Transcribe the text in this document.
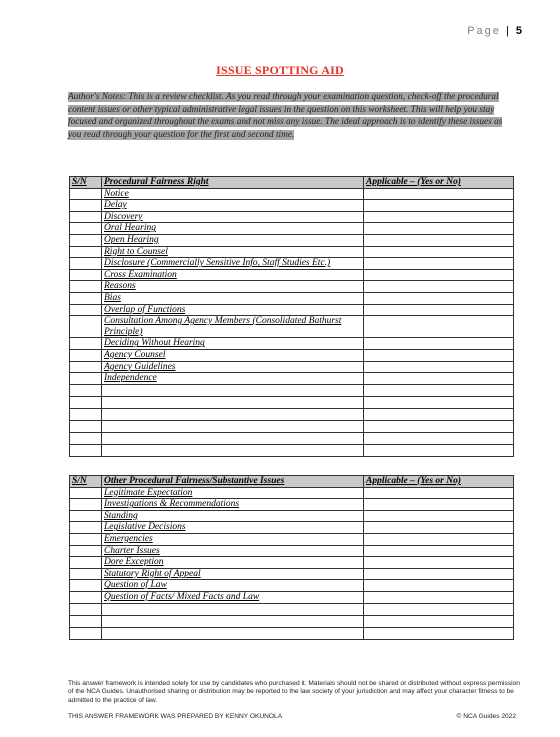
Page | 5
ISSUE SPOTTING AID
Author's Notes: This is a review checklist. As you read through your examination question, check-off the procedural content issues or other typical administrative legal issues in the question on this worksheet. This will help you stay focused and organized throughout the exams and not miss any issue. The ideal approach is to identify these issues as you read through your question for the first and second time.
S/N	Procedural Fairness Right	Applicable – (Yes or No)
	Notice	
	Delay	
	Discovery	
	Oral Hearing	
	Open Hearing	
	Right to Counsel	
	Disclosure (Commercially Sensitive Info, Staff Studies Etc.)	
	Cross Examination	
	Reasons	
	Bias	
	Overlap of Functions	
	Consultation Among Agency Members (Consolidated Bathurst Principle)	
	Deciding Without Hearing	
	Agency Counsel	
	Agency Guidelines	
	Independence	

S/N	Other Procedural Fairness/Substantive Issues	Applicable – (Yes or No)
	Legitimate Expectation	
	Investigations & Recommendations	
	Standing	
	Legislative Decisions	
	Emergencies	
	Charter Issues	
	Dore Exception	
	Statutory Right of Appeal	
	Question of Law	
	Question of Facts/ Mixed Facts and Law	

This answer framework is intended solely for use by candidates who purchased it. Materials should not be shared or distributed without express permission of the NCA Guides. Unauthorised sharing or distribution may be reported to the law society of your jurisdiction and may affect your character fitness to be admitted to the practice of law.
THIS ANSWER FRAMEWORK WAS PREPARED BY KENNY OKUNOLA	© NCA Guides 2022
